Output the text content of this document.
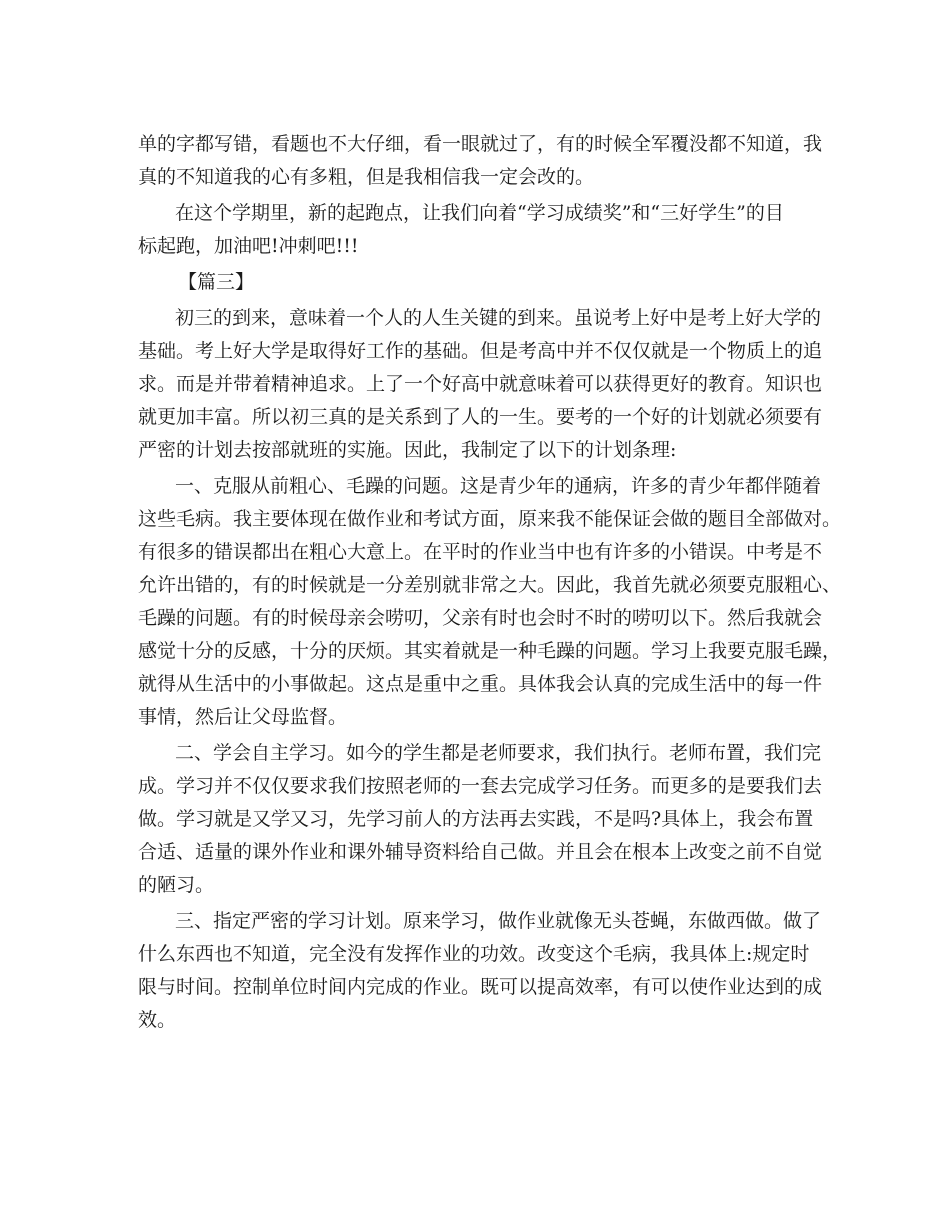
单的字都写错，看题也不大仔细，看一眼就过了，有的时候全军覆没都不知道，我
真的不知道我的心有多粗，但是我相信我一定会改的。
在这个学期里，新的起跑点，让我们向着“学习成绩奖”和“三好学生”的目
标起跑，加油吧!冲刺吧!!!
【篇三】
初三的到来，意味着一个人的人生关键的到来。虽说考上好中是考上好大学的
基础。考上好大学是取得好工作的基础。但是考高中并不仅仅就是一个物质上的追
求。而是并带着精神追求。上了一个好高中就意味着可以获得更好的教育。知识也
就更加丰富。所以初三真的是关系到了人的一生。要考的一个好的计划就必须要有
严密的计划去按部就班的实施。因此，我制定了以下的计划条理:
一、克服从前粗心、毛躁的问题。这是青少年的通病，许多的青少年都伴随着
这些毛病。我主要体现在做作业和考试方面，原来我不能保证会做的题目全部做对。
有很多的错误都出在粗心大意上。在平时的作业当中也有许多的小错误。中考是不
允许出错的，有的时候就是一分差别就非常之大。因此，我首先就必须要克服粗心、
毛躁的问题。有的时候母亲会唠叨，父亲有时也会时不时的唠叨以下。然后我就会
感觉十分的反感，十分的厌烦。其实着就是一种毛躁的问题。学习上我要克服毛躁，
就得从生活中的小事做起。这点是重中之重。具体我会认真的完成生活中的每一件
事情，然后让父母监督。
二、学会自主学习。如今的学生都是老师要求，我们执行。老师布置，我们完
成。学习并不仅仅要求我们按照老师的一套去完成学习任务。而更多的是要我们去
做。学习就是又学又习，先学习前人的方法再去实践，不是吗?具体上，我会布置
合适、适量的课外作业和课外辅导资料给自己做。并且会在根本上改变之前不自觉
的陋习。
三、指定严密的学习计划。原来学习，做作业就像无头苍蝇，东做西做。做了
什么东西也不知道，完全没有发挥作业的功效。改变这个毛病，我具体上:规定时
限与时间。控制单位时间内完成的作业。既可以提高效率，有可以使作业达到的成
效。
